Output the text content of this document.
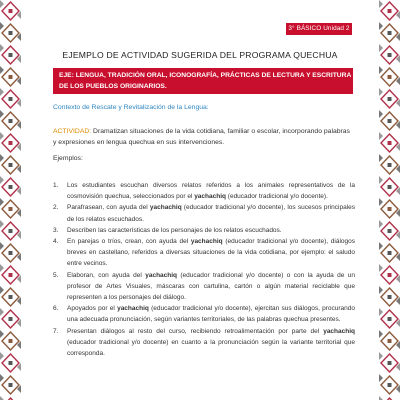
3° BÁSICO Unidad 2
EJEMPLO DE ACTIVIDAD SUGERIDA DEL PROGRAMA QUECHUA
EJE: LENGUA, TRADICIÓN ORAL, ICONOGRAFÍA, PRÁCTICAS DE LECTURA Y ESCRITURA DE LOS PUEBLOS ORIGINARIOS.
Contexto de Rescate y Revitalización de la Lengua:
ACTIVIDAD: Dramatizan situaciones de la vida cotidiana, familiar o escolar, incorporando palabras y expresiones en lengua quechua en sus intervenciones.
Ejemplos:
1. Los estudiantes escuchan diversos relatos referidos a los animales representativos de la cosmovisión quechua, seleccionados por el yachachiq (educador tradicional y/o docente).
2. Parafrasean, con ayuda del yachachiq (educador tradicional y/o docente), los sucesos principales de los relatos escuchados.
3. Describen las características de los personajes de los relatos escuchados.
4. En parejas o tríos, crean, con ayuda del yachachiq (educador tradicional y/o docente), diálogos breves en castellano, referidos a diversas situaciones de la vida cotidiana, por ejemplo: el saludo entre vecinos.
5. Elaboran, con ayuda del yachachiq (educador tradicional y/o docente) o con la ayuda de un profesor de Artes Visuales, máscaras con cartulina, cartón o algún material reciclable que representen a los personajes del diálogo.
6. Apoyados por el yachachiq (educador tradicional y/o docente), ejercitan sus diálogos, procurando una adecuada pronunciación, según variantes territoriales, de las palabras quechua presentes.
7. Presentan diálogos al resto del curso, recibiendo retroalimentación por parte del yachachiq (educador tradicional y/o docente) en cuanto a la pronunciación según la variante territorial que corresponda.
